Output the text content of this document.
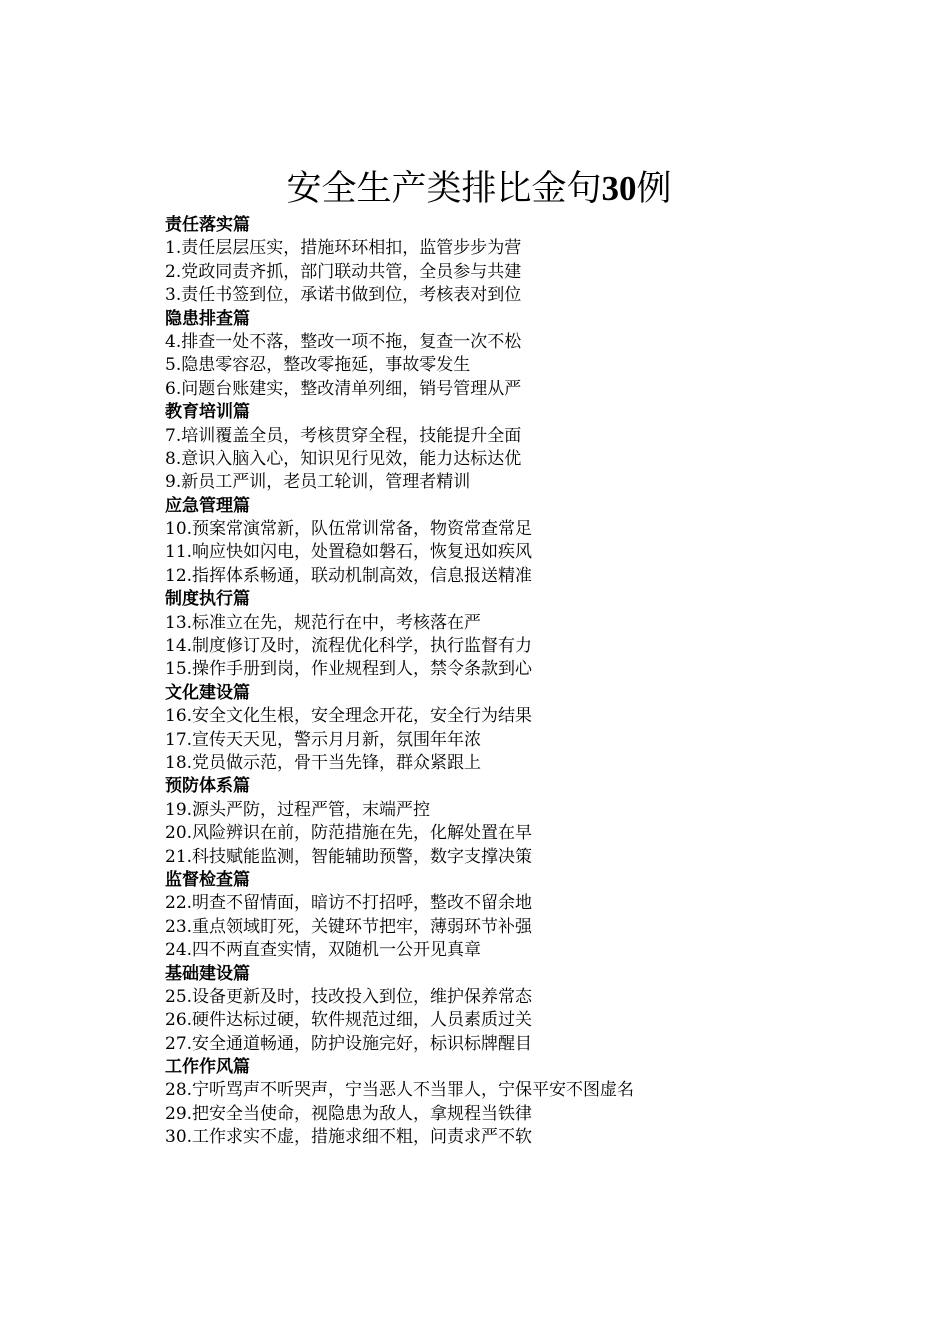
安全生产类排比金句30例
责任落实篇
1.责任层层压实，措施环环相扣，监管步步为营
2.党政同责齐抓，部门联动共管，全员参与共建
3.责任书签到位，承诺书做到位，考核表对到位
隐患排查篇
4.排查一处不落，整改一项不拖，复查一次不松
5.隐患零容忍，整改零拖延，事故零发生
6.问题台账建实，整改清单列细，销号管理从严
教育培训篇
7.培训覆盖全员，考核贯穿全程，技能提升全面
8.意识入脑入心，知识见行见效，能力达标达优
9.新员工严训，老员工轮训，管理者精训
应急管理篇
10.预案常演常新，队伍常训常备，物资常查常足
11.响应快如闪电，处置稳如磐石，恢复迅如疾风
12.指挥体系畅通，联动机制高效，信息报送精准
制度执行篇
13.标准立在先，规范行在中，考核落在严
14.制度修订及时，流程优化科学，执行监督有力
15.操作手册到岗，作业规程到人，禁令条款到心
文化建设篇
16.安全文化生根，安全理念开花，安全行为结果
17.宣传天天见，警示月月新，氛围年年浓
18.党员做示范，骨干当先锋，群众紧跟上
预防体系篇
19.源头严防，过程严管，末端严控
20.风险辨识在前，防范措施在先，化解处置在早
21.科技赋能监测，智能辅助预警，数字支撑决策
监督检查篇
22.明查不留情面，暗访不打招呼，整改不留余地
23.重点领域盯死，关键环节把牢，薄弱环节补强
24.四不两直查实情，双随机一公开见真章
基础建设篇
25.设备更新及时，技改投入到位，维护保养常态
26.硬件达标过硬，软件规范过细，人员素质过关
27.安全通道畅通，防护设施完好，标识标牌醒目
工作作风篇
28.宁听骂声不听哭声，宁当恶人不当罪人，宁保平安不图虚名
29.把安全当使命，视隐患为敌人，拿规程当铁律
30.工作求实不虚，措施求细不粗，问责求严不软
